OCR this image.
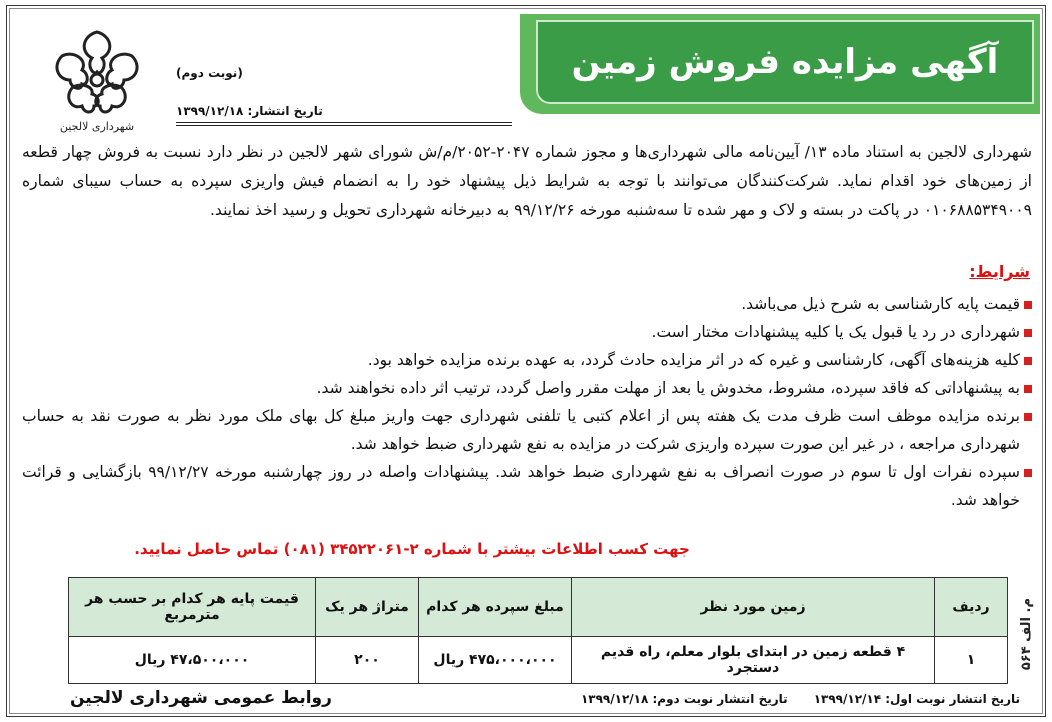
آگهی مزایده فروش زمین
شهرداری لالجین
(نوبت دوم)
تاریخ انتشار: ۱۳۹۹/۱۲/۱۸
شهرداری لالجین به استناد ماده ۱۳/ آیین‌نامه مالی شهرداری‌ها و مجوز شماره ۲۰۴۷-۲۰۵۲/م/ش شورای شهر لالجین در نظر دارد نسبت به فروش چهار قطعه از زمین‌های خود اقدام نماید. شرکت‌کنندگان می‌توانند با توجه به شرایط ذیل پیشنهاد خود را به انضمام فیش واریزی سپرده به حساب سیبای شماره ۰۱۰۶۸۸۵۳۴۹۰۰۹ در پاکت در بسته و لاک و مهر شده تا سه‌شنبه مورخه ۹۹/۱۲/۲۶ به دبیرخانه شهرداری تحویل و رسید اخذ نمایند.
شرایط:
قیمت پایه کارشناسی به شرح ذیل می‌باشد.
شهرداری در رد یا قبول یک یا کلیه پیشنهادات مختار است.
کلیه هزینه‌های آگهی، کارشناسی و غیره که در اثر مزایده حادث گردد، به عهده برنده مزایده خواهد بود.
به پیشنهاداتی که فاقد سپرده، مشروط، مخدوش یا بعد از مهلت مقرر واصل گردد، ترتیب اثر داده نخواهند شد.
برنده مزایده موظف است ظرف مدت یک هفته پس از اعلام کتبی یا تلفنی شهرداری جهت واریز مبلغ کل بهای ملک مورد نظر به صورت نقد به حساب شهرداری مراجعه ، در غیر این صورت سپرده واریزی شرکت در مزایده به نفع شهرداری ضبط خواهد شد.
سپرده نفرات اول تا سوم در صورت انصراف به نفع شهرداری ضبط خواهد شد. پیشنهادات واصله در روز چهارشنبه مورخه ۹۹/۱۲/۲۷ بازگشایی و قرائت خواهد شد.
جهت کسب اطلاعات بیشتر با شماره ۲-۳۴۵۲۲۰۶۱ (۰۸۱) تماس حاصل نمایید.
م. الف ۵۶۴
ردیف	زمین مورد نظر	مبلغ سپرده هر کدام	متراژ هر یک	قیمت پایه هر کدام بر حسب هر مترمربع
۱	۴ قطعه زمین در ابتدای بلوار معلم، راه قدیم دستجرد	۴۷۵،۰۰۰،۰۰۰ ریال	۲۰۰	۴۷،۵۰۰،۰۰۰ ریال
تاریخ انتشار نوبت اول: ۱۳۹۹/۱۲/۱۴
تاریخ انتشار نوبت دوم: ۱۳۹۹/۱۲/۱۸
روابط عمومی شهرداری لالجین
